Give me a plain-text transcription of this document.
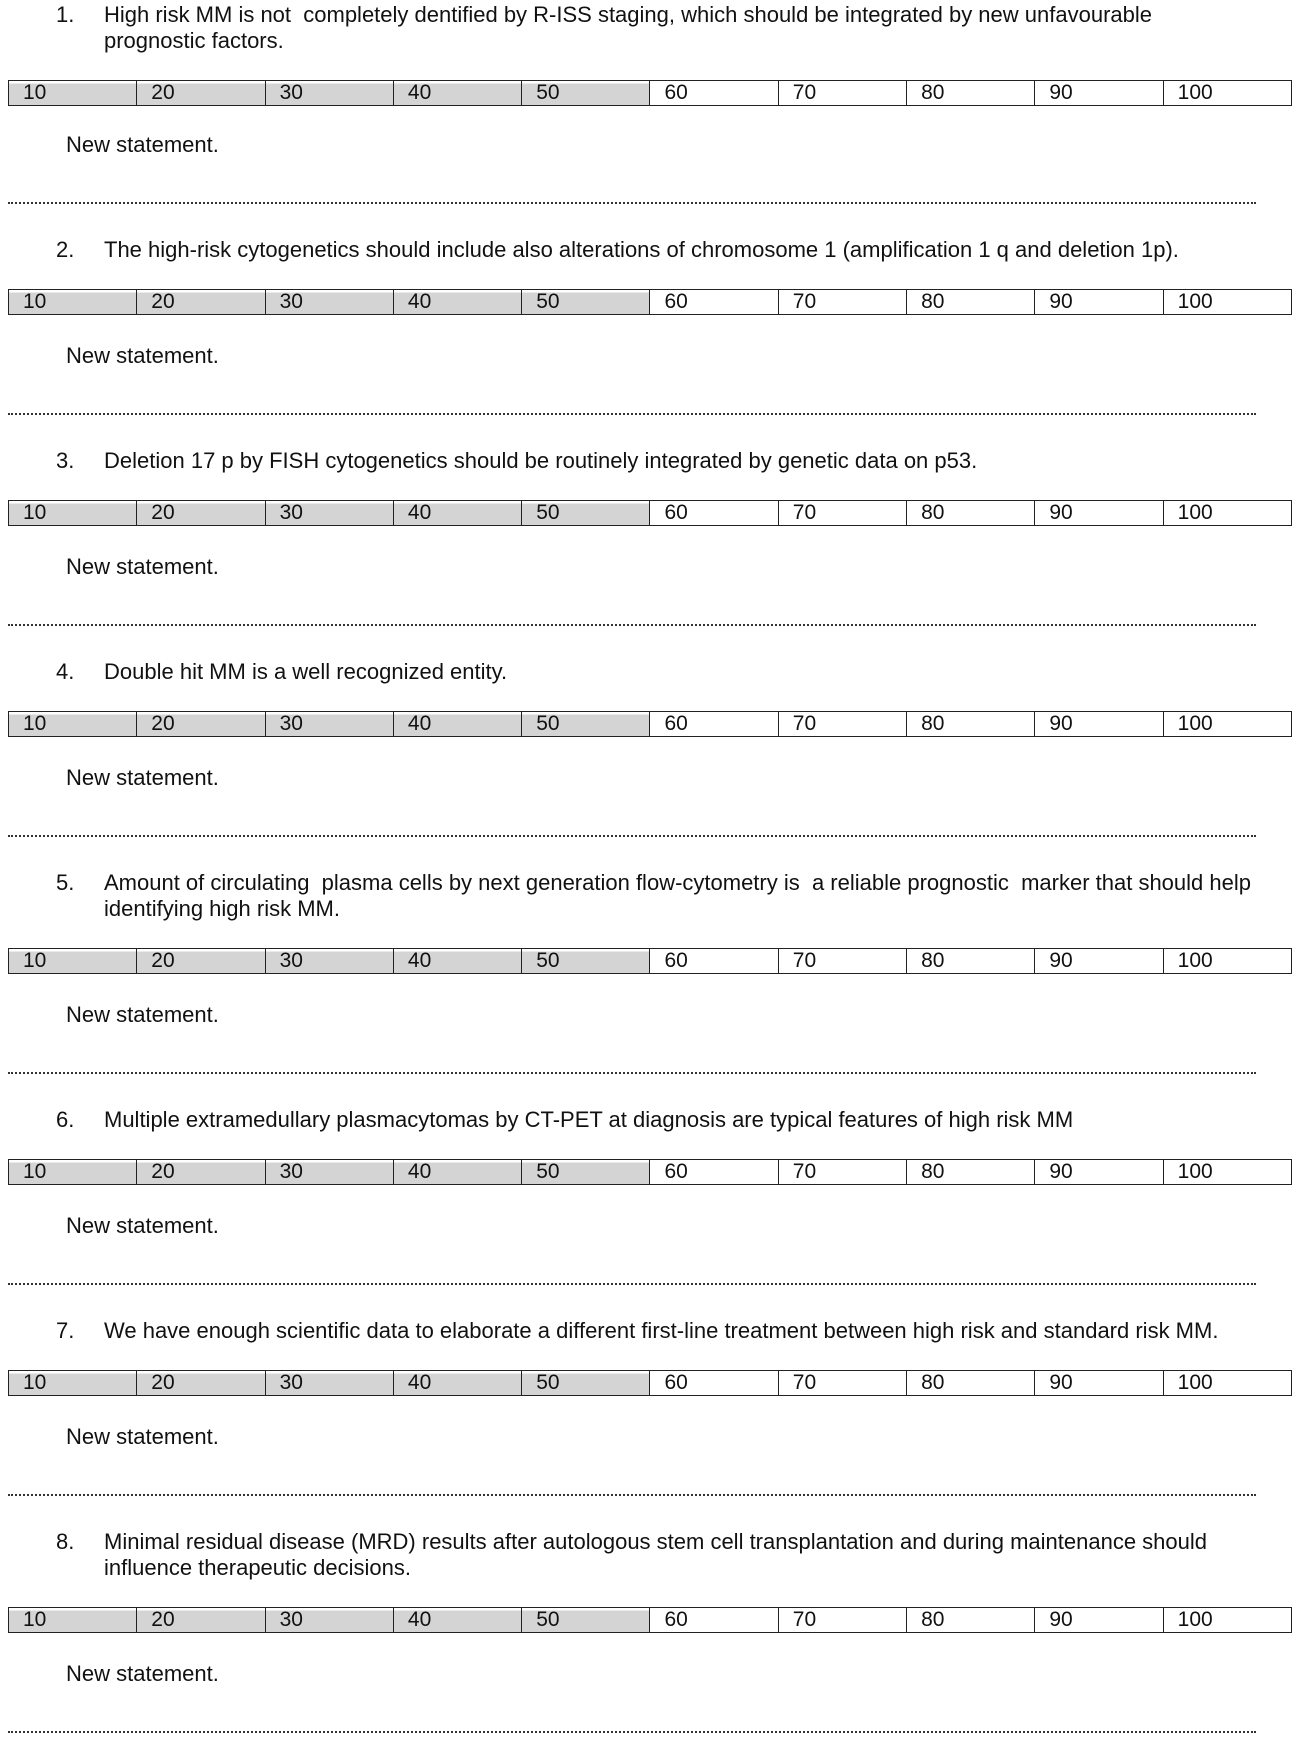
1. High risk MM is not  completely dentified by R-ISS staging, which should be integrated by new unfavourable
prognostic factors.
10	20	30	40	50	60	70	80	90	100
New statement.
2. The high-risk cytogenetics should include also alterations of chromosome 1 (amplification 1 q and deletion 1p).
10	20	30	40	50	60	70	80	90	100
New statement.
3. Deletion 17 p by FISH cytogenetics should be routinely integrated by genetic data on p53.
10	20	30	40	50	60	70	80	90	100
New statement.
4. Double hit MM is a well recognized entity.
10	20	30	40	50	60	70	80	90	100
New statement.
5. Amount of circulating  plasma cells by next generation flow-cytometry is  a reliable prognostic  marker that should help
identifying high risk MM.
10	20	30	40	50	60	70	80	90	100
New statement.
6. Multiple extramedullary plasmacytomas by CT-PET at diagnosis are typical features of high risk MM
10	20	30	40	50	60	70	80	90	100
New statement.
7. We have enough scientific data to elaborate a different first-line treatment between high risk and standard risk MM.
10	20	30	40	50	60	70	80	90	100
New statement.
8. Minimal residual disease (MRD) results after autologous stem cell transplantation and during maintenance should
influence therapeutic decisions.
10	20	30	40	50	60	70	80	90	100
New statement.
